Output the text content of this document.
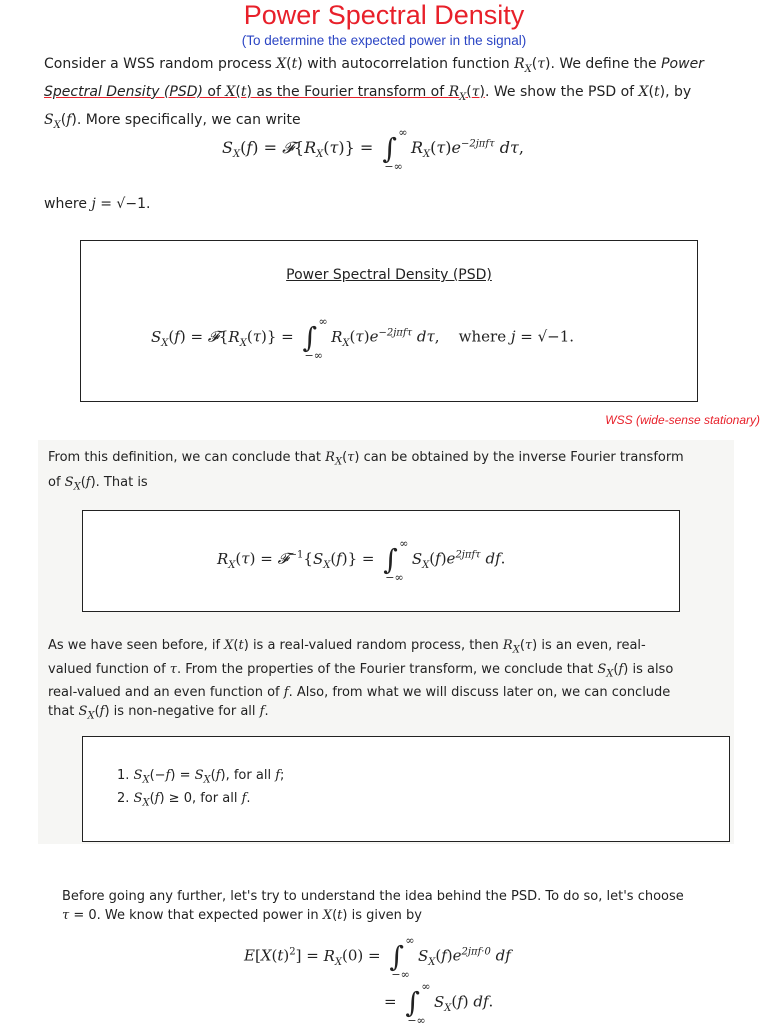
Power Spectral Density
(To determine the expected power in the signal)
Consider a WSS random process X(t) with autocorrelation function $R_X(\tau)$. We define the Power
Spectral Density (PSD) of X(t) as the Fourier transform of $R_X(\tau)$. We show the PSD of X(t), by
$S_X(f)$. More specifically, we can write
$S_X(f)$ = $𝓕\{R_X(\tau)\}$ = ∫ ∞
−∞
$R_X(\tau)e^{-2j\pi f\tau}$ dτ,
where j = √−1.
Power Spectral Density (PSD)
$S_X(f)$ = $𝓕\{R_X(\tau)\}$ = ∫ ∞
−∞
$R_X(\tau)e^{-2j\pi f\tau}$ dτ,    where j = √−1.
WSS (wide-sense stationary)
From this definition, we can conclude that $R_X(\tau)$ can be obtained by the inverse Fourier transform
of $S_X(f)$. That is
$R_X(\tau)$ = $𝓕^{-1}\{S_X(f)\}$ = ∫ ∞
−∞
$S_X(f)e^{2j\pi f\tau}$ df.
As we have seen before, if X(t) is a real-valued random process, then $R_X(\tau)$ is an even, real-
valued function of τ. From the properties of the Fourier transform, we conclude that $S_X(f)$ is also
real-valued and an even function of f. Also, from what we will discuss later on, we can conclude
that $S_X(f)$ is non-negative for all f.
1. $S_X(-f) = S_X(f)$, for all f;
2. $S_X(f) \ge 0$, for all f.
Before going any further, let's try to understand the idea behind the PSD. To do so, let's choose
τ = 0. We know that expected power in X(t) is given by
$E[X(t)^2] = R_X(0)$ = ∫ ∞
−∞
$S_X(f)e^{2j\pi f\cdot 0}$ df
= ∫ ∞
−∞
$S_X(f)$ df.
